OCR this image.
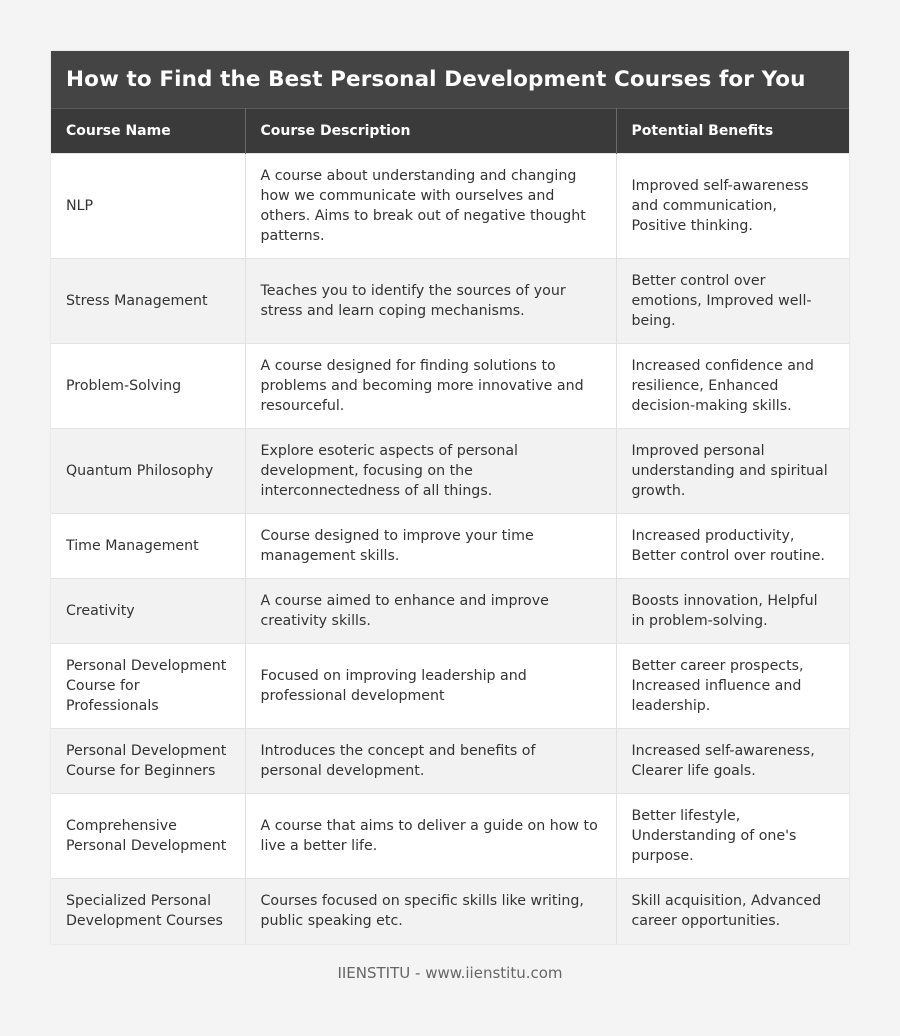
How to Find the Best Personal Development Courses for You
Course Name	Course Description	Potential Benefits
NLP	A course about understanding and changing how we communicate with ourselves and others. Aims to break out of negative thought patterns.	Improved self-awareness and communication, Positive thinking.
Stress Management	Teaches you to identify the sources of your stress and learn coping mechanisms.	Better control over emotions, Improved well-being.
Problem-Solving	A course designed for finding solutions to problems and becoming more innovative and resourceful.	Increased confidence and resilience, Enhanced decision-making skills.
Quantum Philosophy	Explore esoteric aspects of personal development, focusing on the interconnectedness of all things.	Improved personal understanding and spiritual growth.
Time Management	Course designed to improve your time management skills.	Increased productivity, Better control over routine.
Creativity	A course aimed to enhance and improve creativity skills.	Boosts innovation, Helpful in problem-solving.
Personal Development Course for Professionals	Focused on improving leadership and professional development	Better career prospects, Increased influence and leadership.
Personal Development Course for Beginners	Introduces the concept and benefits of personal development.	Increased self-awareness, Clearer life goals.
Comprehensive Personal Development	A course that aims to deliver a guide on how to live a better life.	Better lifestyle, Understanding of one's purpose.
Specialized Personal Development Courses	Courses focused on specific skills like writing, public speaking etc.	Skill acquisition, Advanced career opportunities.
IIENSTITU - www.iienstitu.com
